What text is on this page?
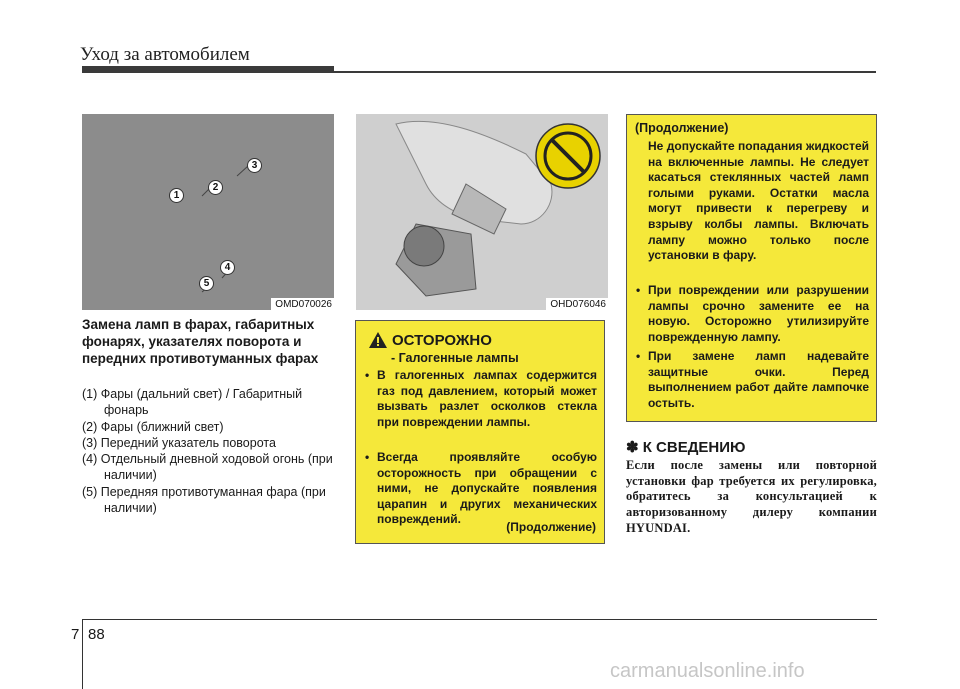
Уход за автомобилем
1
2
3
4
5
OMD070026	OHD076046
Замена ламп в фарах, габаритных фонарях, указателях поворота и передних противотуманных фарах
(1) Фары (дальний свет) / Габаритный фонарь
(2) Фары (ближний свет)
(3) Передний указатель поворота
(4) Отдельный дневной ходовой огонь (при наличии)
(5) Передняя противотуманная фара (при наличии)
ОСТОРОЖНО
- Галогенные лампы
• В галогенных лампах содержится газ под давлением, который может вызвать разлет осколков стекла при повреждении лампы.
• Всегда проявляйте особую осторожность при обращении с ними, не допускайте появления царапин и других механических повреждений.
(Продолжение)
(Продолжение)
Не допускайте попадания жидкостей на включенные лампы. Не следует касаться стеклянных частей ламп голыми руками. Остатки масла могут привести к перегреву и взрыву колбы лампы. Включать лампу можно только после установки в фару.
• При повреждении или разрушении лампы срочно замените ее на новую. Осторожно утилизируйте поврежденную лампу.
• При замене ламп надевайте защитные очки. Перед выполнением работ дайте лампочке остыть.
✽ К СВЕДЕНИЮ
Если после замены или повторной установки фар требуется их регулировка, обратитесь за консультацией к авторизованному дилеру компании HYUNDAI.
7 88
carmanualsonline.info
